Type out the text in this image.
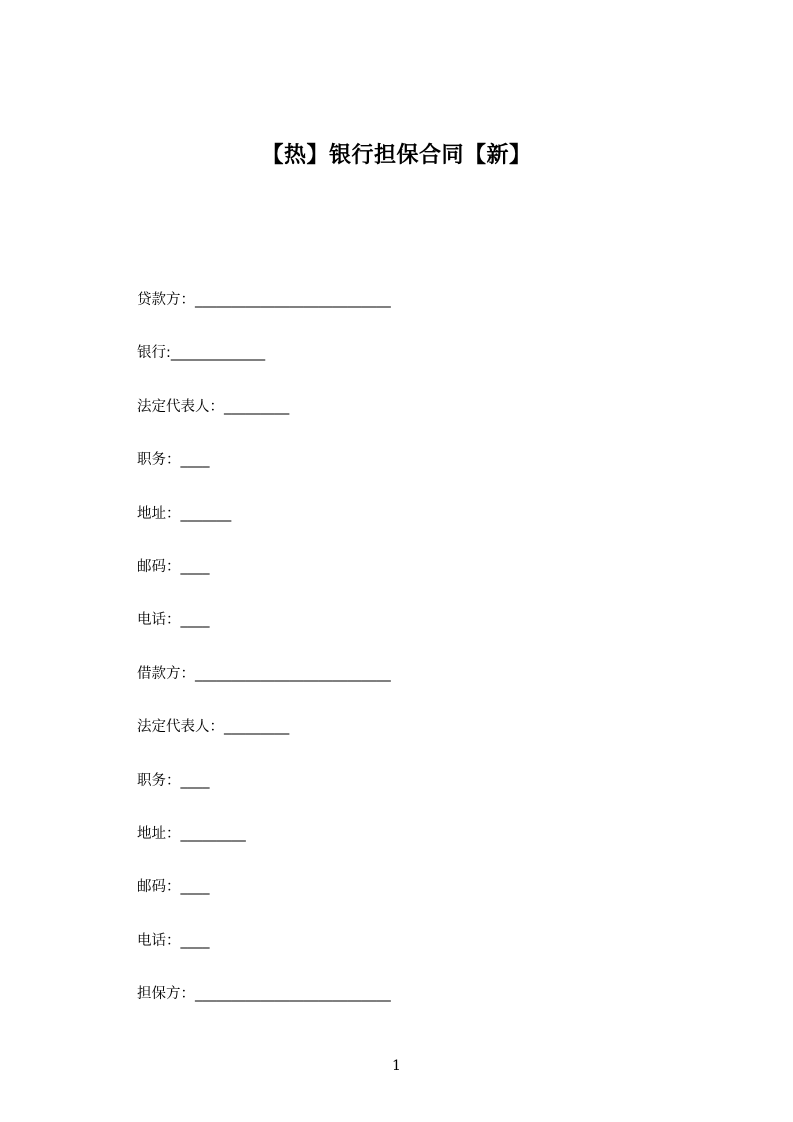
【热】银行担保合同【新】
贷款方：___________________________
银行:_____________
法定代表人：_________
职务：____
地址：_______
邮码：____
电话：____
借款方：___________________________
法定代表人：_________
职务：____
地址：_________
邮码：____
电话：____
担保方：___________________________
1
